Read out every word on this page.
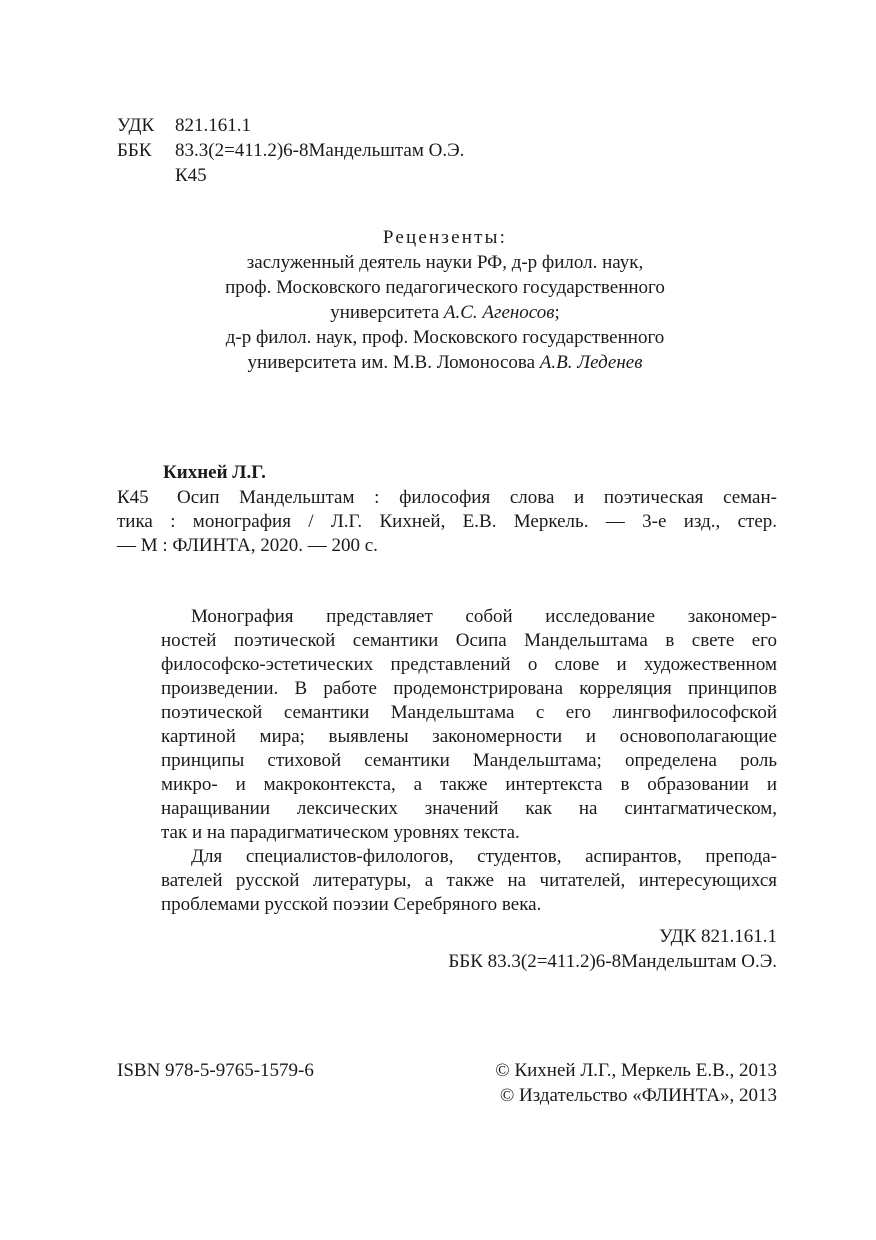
УДК 821.161.1
ББК 83.3(2=411.2)6-8Мандельштам О.Э.
К45
Рецензенты:
заслуженный деятель науки РФ, д-р филол. наук,
проф. Московского педагогического государственного
университета А.С. Агеносов;
д-р филол. наук, проф. Московского государственного
университета им. М.В. Ломоносова А.В. Леденев
Кихней Л.Г.
К45 Осип Мандельштам : философия слова и поэтическая семан-
тика : монография / Л.Г. Кихней, Е.В. Меркель. — 3-е изд., стер.
— М : ФЛИНТА, 2020. — 200 с.
Монография представляет собой исследование закономер-
ностей поэтической семантики Осипа Мандельштама в свете его
философско-эстетических представлений о слове и художественном
произведении. В работе продемонстрирована корреляция принципов
поэтической семантики Мандельштама с его лингвофилософской
картиной мира; выявлены закономерности и основополагающие
принципы стиховой семантики Мандельштама; определена роль
микро- и макроконтекста, а также интертекста в образовании и
наращивании лексических значений как на синтагматическом,
так и на парадигматическом уровнях текста.
Для специалистов-филологов, студентов, аспирантов, препода-
вателей русской литературы, а также на читателей, интересующихся
проблемами русской поэзии Серебряного века.
УДК 821.161.1
ББК 83.3(2=411.2)6-8Мандельштам О.Э.
ISBN 978-5-9765-1579-6	© Кихней Л.Г., Меркель Е.В., 2013
© Издательство «ФЛИНТА», 2013
